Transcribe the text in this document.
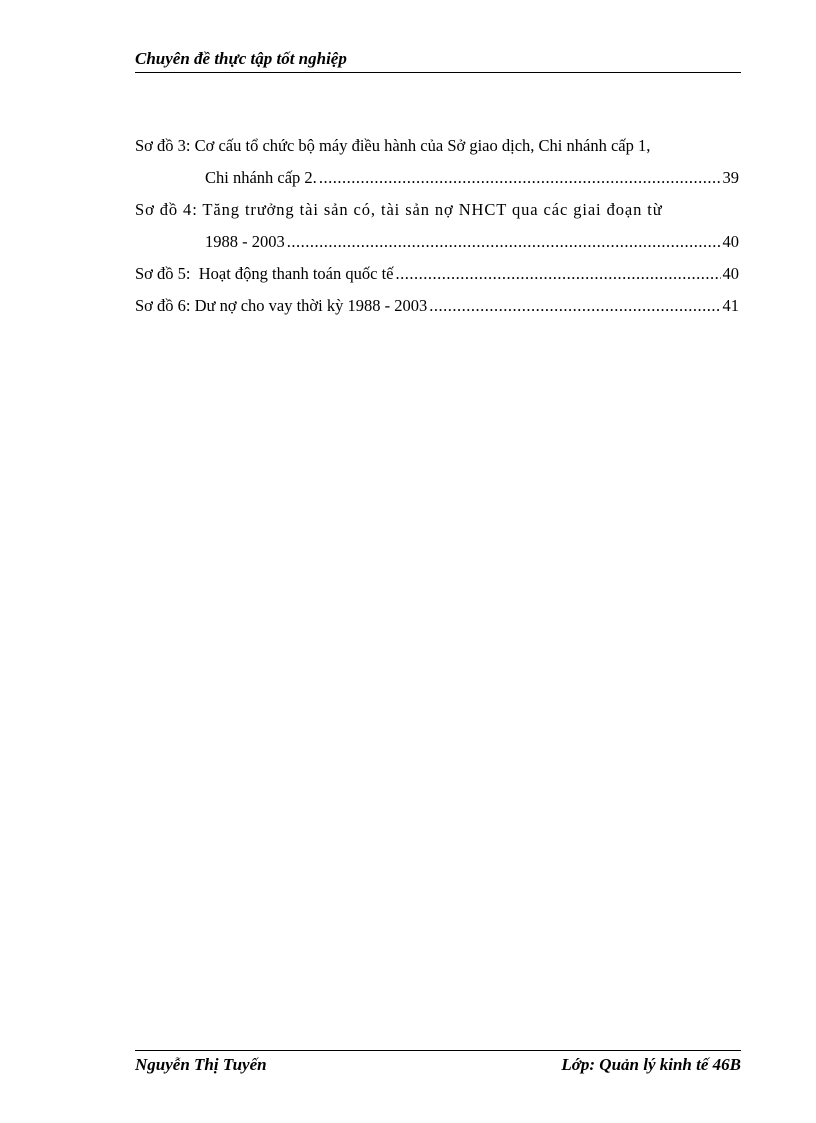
Chuyên đề thực tập tốt nghiệp
Sơ đồ 3: Cơ cấu tổ chức bộ máy điều hành của Sở giao dịch, Chi nhánh cấp 1,
Chi nhánh cấp 2. .....	39
Sơ đồ 4: Tăng trưởng tài sản có, tài sản nợ NHCT qua các giai đoạn từ
1988 - 2003 .....	40
Sơ đồ 5:  Hoạt động thanh toán quốc tế .....	40
Sơ đồ 6: Dư nợ cho vay thời kỳ 1988 - 2003 .....	41
Nguyễn Thị Tuyến	Lớp: Quản lý kinh tế 46B
